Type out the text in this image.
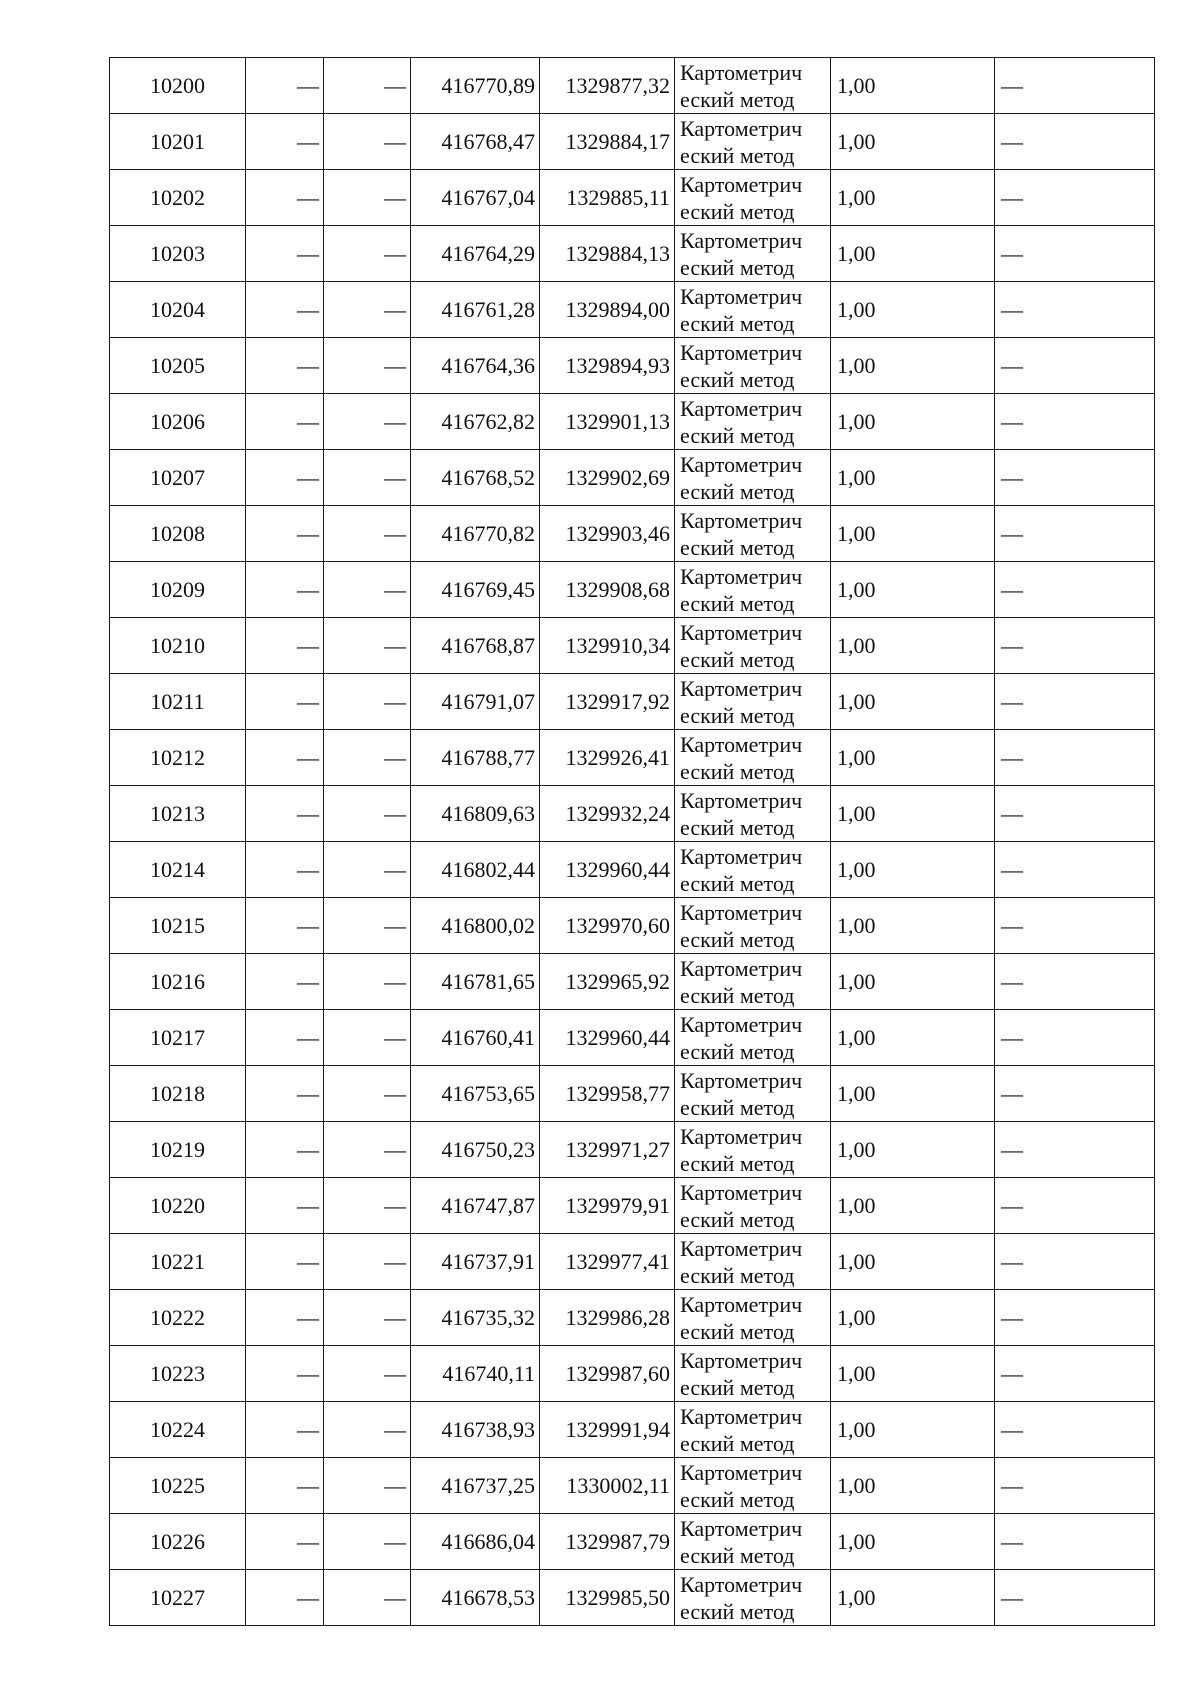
10200	—	—	416770,89	1329877,32	Картометрич
еский метод	1,00	—
10201	—	—	416768,47	1329884,17	Картометрич
еский метод	1,00	—
10202	—	—	416767,04	1329885,11	Картометрич
еский метод	1,00	—
10203	—	—	416764,29	1329884,13	Картометрич
еский метод	1,00	—
10204	—	—	416761,28	1329894,00	Картометрич
еский метод	1,00	—
10205	—	—	416764,36	1329894,93	Картометрич
еский метод	1,00	—
10206	—	—	416762,82	1329901,13	Картометрич
еский метод	1,00	—
10207	—	—	416768,52	1329902,69	Картометрич
еский метод	1,00	—
10208	—	—	416770,82	1329903,46	Картометрич
еский метод	1,00	—
10209	—	—	416769,45	1329908,68	Картометрич
еский метод	1,00	—
10210	—	—	416768,87	1329910,34	Картометрич
еский метод	1,00	—
10211	—	—	416791,07	1329917,92	Картометрич
еский метод	1,00	—
10212	—	—	416788,77	1329926,41	Картометрич
еский метод	1,00	—
10213	—	—	416809,63	1329932,24	Картометрич
еский метод	1,00	—
10214	—	—	416802,44	1329960,44	Картометрич
еский метод	1,00	—
10215	—	—	416800,02	1329970,60	Картометрич
еский метод	1,00	—
10216	—	—	416781,65	1329965,92	Картометрич
еский метод	1,00	—
10217	—	—	416760,41	1329960,44	Картометрич
еский метод	1,00	—
10218	—	—	416753,65	1329958,77	Картометрич
еский метод	1,00	—
10219	—	—	416750,23	1329971,27	Картометрич
еский метод	1,00	—
10220	—	—	416747,87	1329979,91	Картометрич
еский метод	1,00	—
10221	—	—	416737,91	1329977,41	Картометрич
еский метод	1,00	—
10222	—	—	416735,32	1329986,28	Картометрич
еский метод	1,00	—
10223	—	—	416740,11	1329987,60	Картометрич
еский метод	1,00	—
10224	—	—	416738,93	1329991,94	Картометрич
еский метод	1,00	—
10225	—	—	416737,25	1330002,11	Картометрич
еский метод	1,00	—
10226	—	—	416686,04	1329987,79	Картометрич
еский метод	1,00	—
10227	—	—	416678,53	1329985,50	Картометрич
еский метод	1,00	—
